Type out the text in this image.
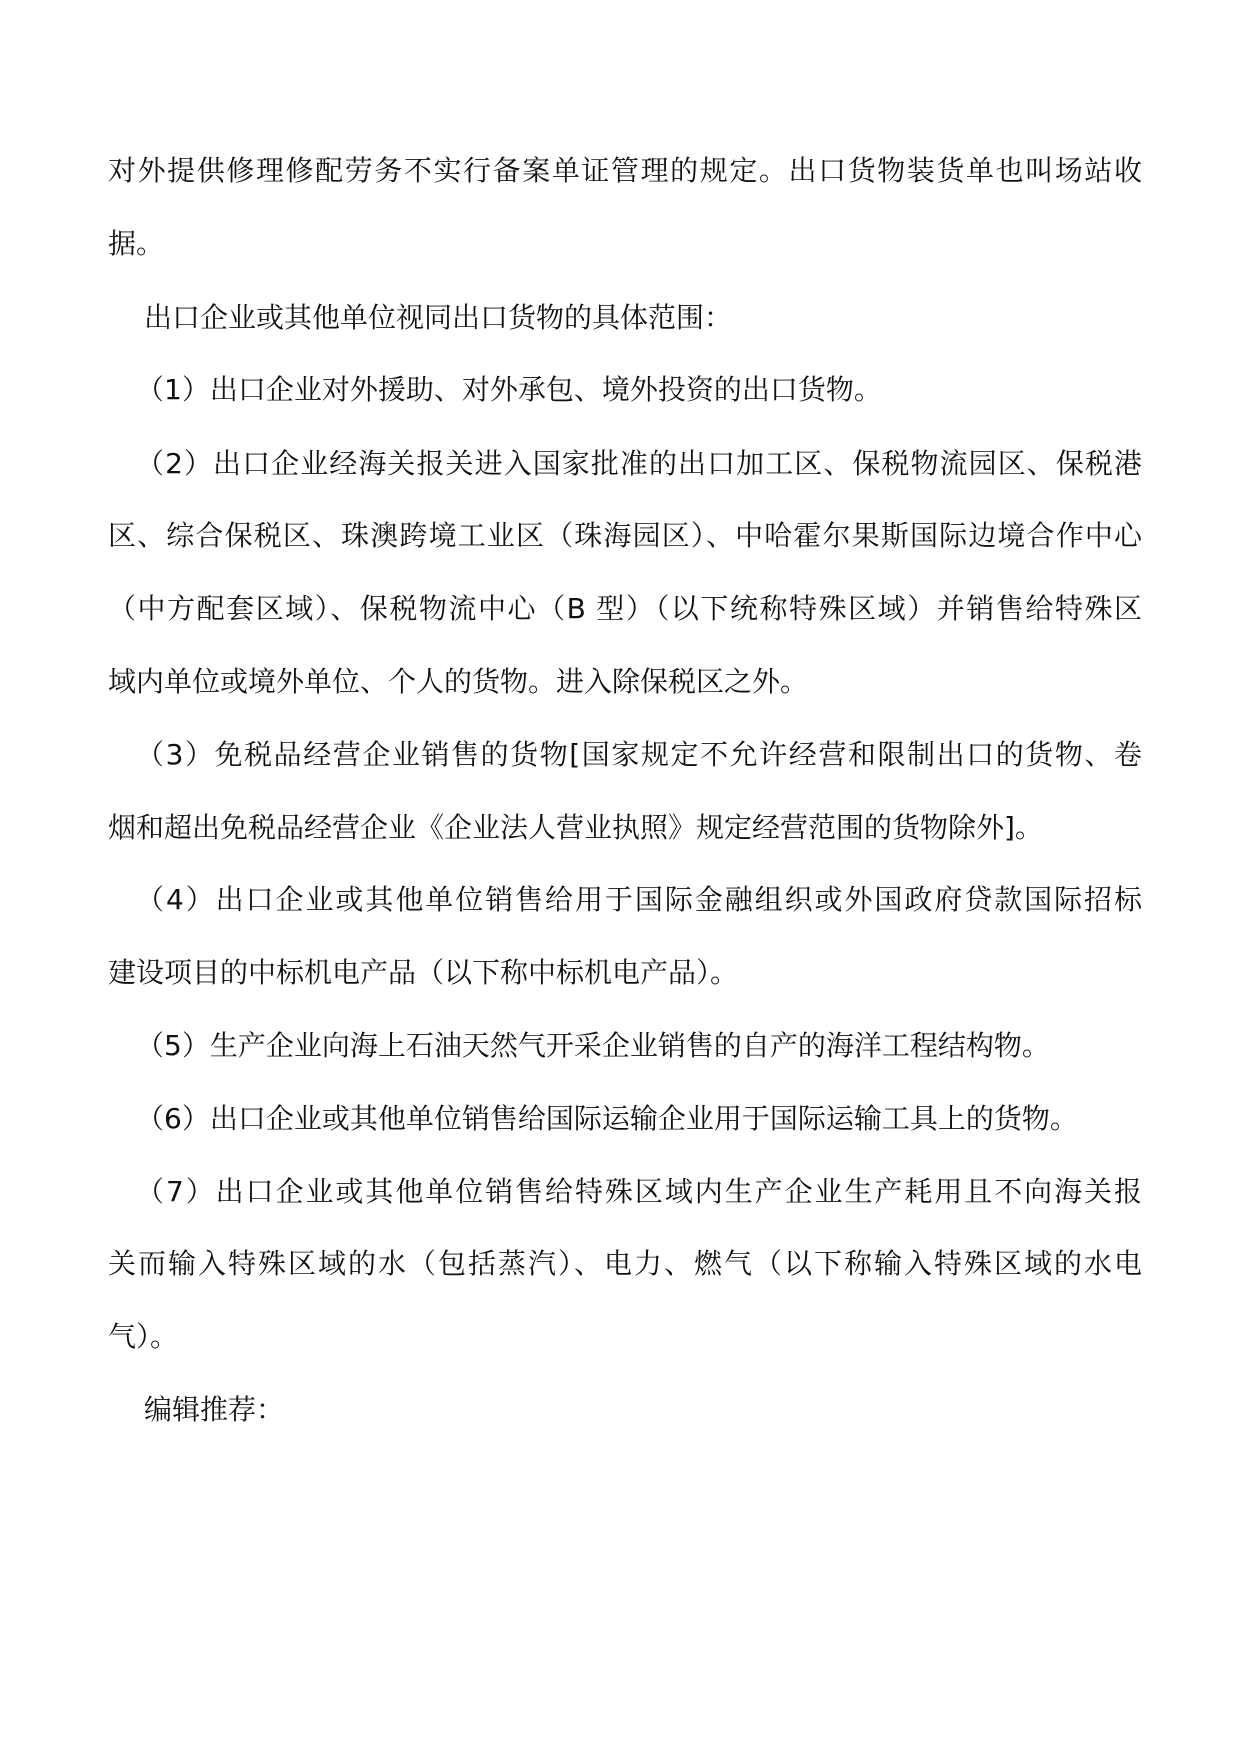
对外提供修理修配劳务不实行备案单证管理的规定。出口货物装货单也叫场站收
据。
出口企业或其他单位视同出口货物的具体范围：
（1）出口企业对外援助、对外承包、境外投资的出口货物。
（2）出口企业经海关报关进入国家批准的出口加工区、保税物流园区、保税港
区、综合保税区、珠澳跨境工业区（珠海园区）、中哈霍尔果斯国际边境合作中心
（中方配套区域）、保税物流中心（B 型）（以下统称特殊区域）并销售给特殊区
域内单位或境外单位、个人的货物。进入除保税区之外。
（3）免税品经营企业销售的货物[国家规定不允许经营和限制出口的货物、卷
烟和超出免税品经营企业《企业法人营业执照》规定经营范围的货物除外]。
（4）出口企业或其他单位销售给用于国际金融组织或外国政府贷款国际招标
建设项目的中标机电产品（以下称中标机电产品）。
（5）生产企业向海上石油天然气开采企业销售的自产的海洋工程结构物。
（6）出口企业或其他单位销售给国际运输企业用于国际运输工具上的货物。
（7）出口企业或其他单位销售给特殊区域内生产企业生产耗用且不向海关报
关而输入特殊区域的水（包括蒸汽）、电力、燃气（以下称输入特殊区域的水电
气）。
编辑推荐：
